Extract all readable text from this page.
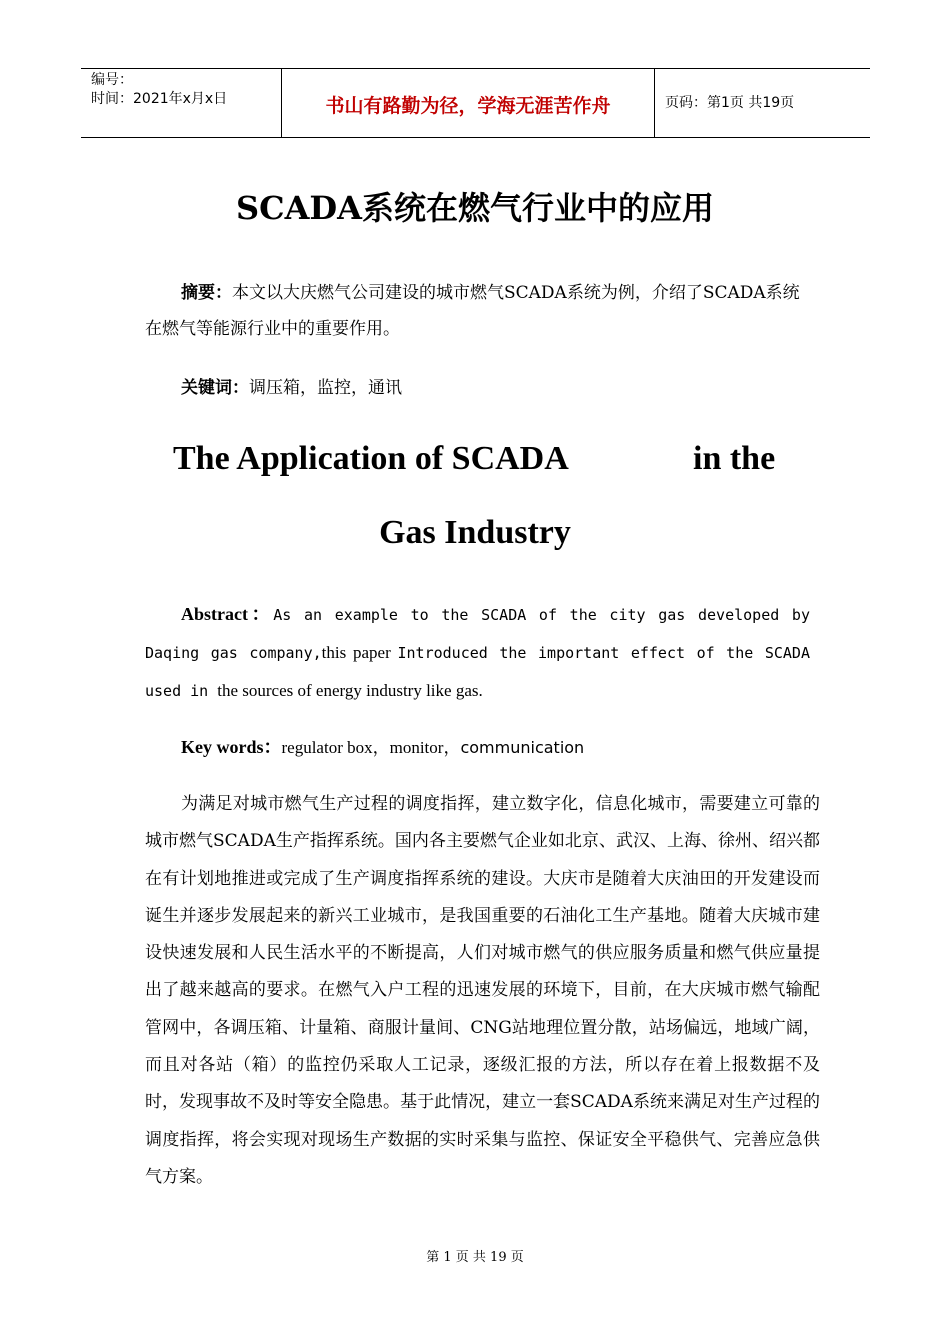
编号：
时间：2021年x月x日	书山有路勤为径，学海无涯苦作舟	页码：第1页 共19页
SCADA系统在燃气行业中的应用
摘要：本文以大庆燃气公司建设的城市燃气SCADA系统为例，介绍了SCADA系统在燃气等能源行业中的重要作用。
关键词：调压箱，监控，通讯
The Application of SCADA	in the
Gas Industry
Abstract：As an example to the SCADA of the city gas developed by Daqing gas company,this paper Introduced the important effect of the SCADA used in the sources of energy industry like gas.
Key words：regulator box，monitor，communication
为满足对城市燃气生产过程的调度指挥，建立数字化，信息化城市，需要建立可靠的城市燃气SCADA生产指挥系统。国内各主要燃气企业如北京、武汉、上海、徐州、绍兴都在有计划地推进或完成了生产调度指挥系统的建设。大庆市是随着大庆油田的开发建设而诞生并逐步发展起来的新兴工业城市，是我国重要的石油化工生产基地。随着大庆城市建设快速发展和人民生活水平的不断提高，人们对城市燃气的供应服务质量和燃气供应量提出了越来越高的要求。在燃气入户工程的迅速发展的环境下，目前，在大庆城市燃气输配管网中，各调压箱、计量箱、商服计量间、CNG站地理位置分散，站场偏远，地域广阔，而且对各站（箱）的监控仍采取人工记录，逐级汇报的方法，所以存在着上报数据不及时，发现事故不及时等安全隐患。基于此情况，建立一套SCADA系统来满足对生产过程的调度指挥，将会实现对现场生产数据的实时采集与监控、保证安全平稳供气、完善应急供气方案。
第 1 页 共 19 页
